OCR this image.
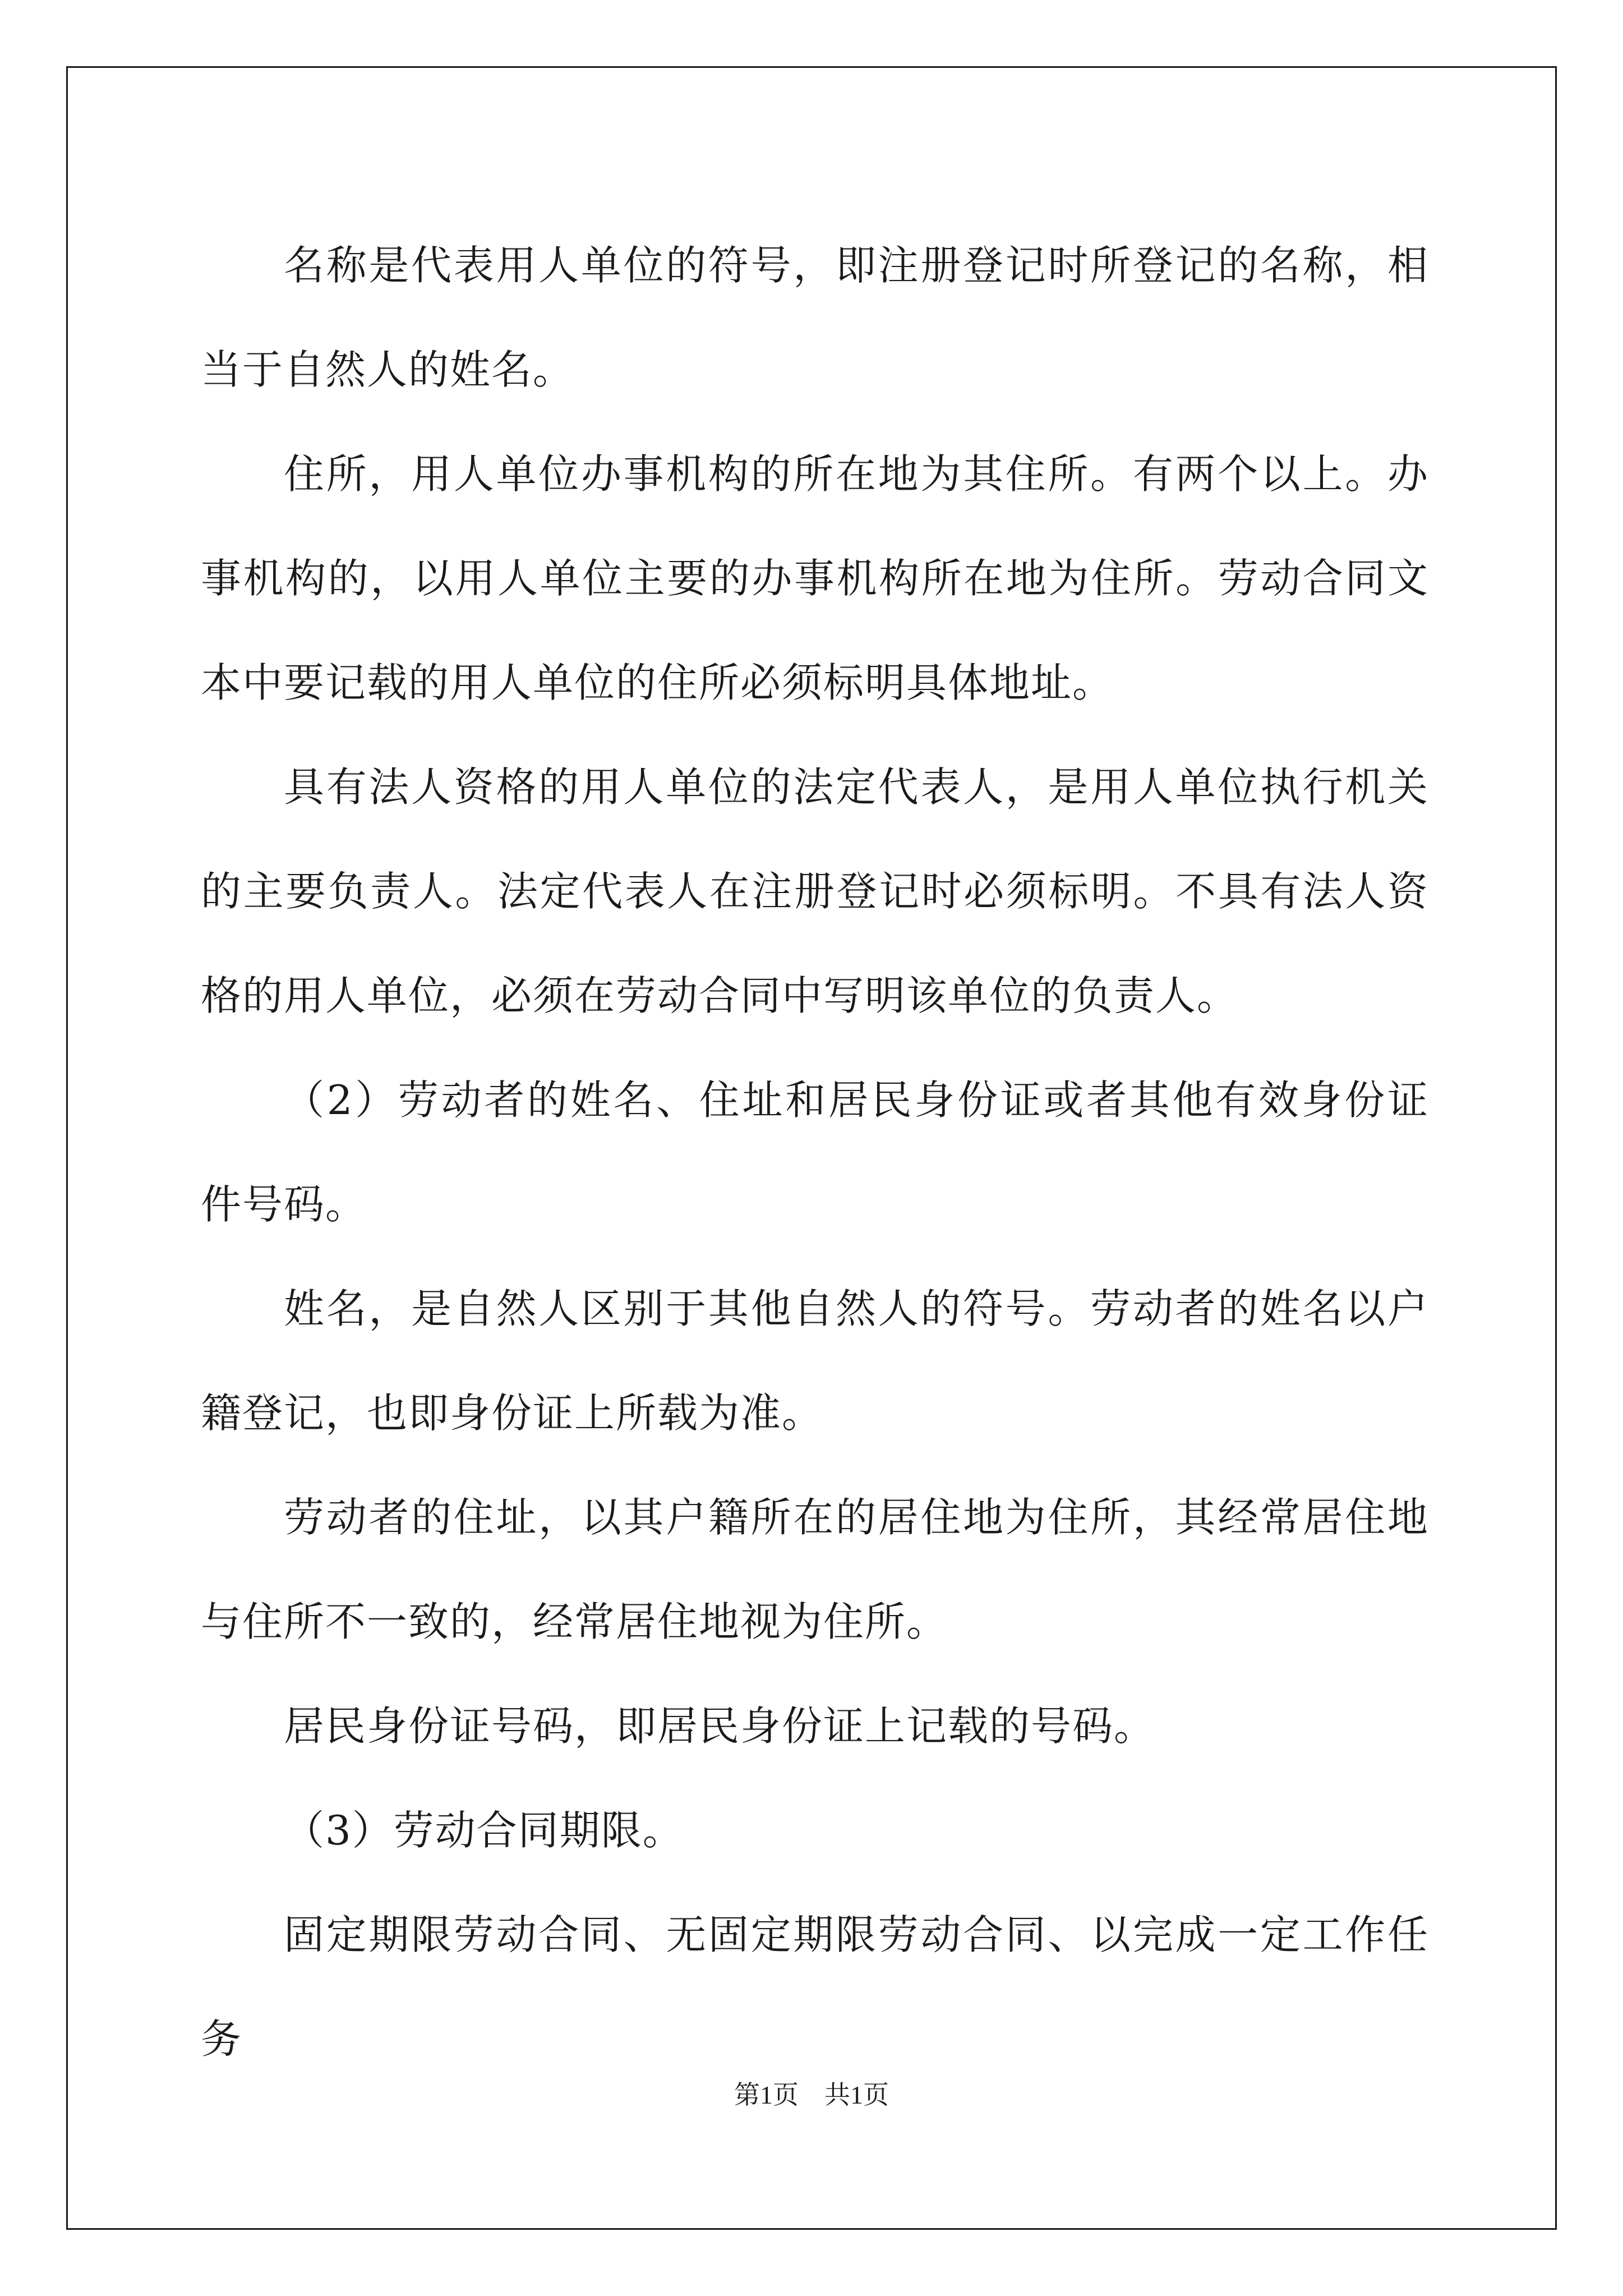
名称是代表用人单位的符号，即注册登记时所登记的名称，相当于自然人的姓名。

住所，用人单位办事机构的所在地为其住所。有两个以上。办事机构的，以用人单位主要的办事机构所在地为住所。劳动合同文本中要记载的用人单位的住所必须标明具体地址。

具有法人资格的用人单位的法定代表人，是用人单位执行机关的主要负责人。法定代表人在注册登记时必须标明。不具有法人资格的用人单位，必须在劳动合同中写明该单位的负责人。

（2）劳动者的姓名、住址和居民身份证或者其他有效身份证件号码。

姓名，是自然人区别于其他自然人的符号。劳动者的姓名以户籍登记，也即身份证上所载为准。

劳动者的住址，以其户籍所在的居住地为住所，其经常居住地与住所不一致的，经常居住地视为住所。

居民身份证号码，即居民身份证上记载的号码。

（3）劳动合同期限。

固定期限劳动合同、无固定期限劳动合同、以完成一定工作任务

第1页　共1页
